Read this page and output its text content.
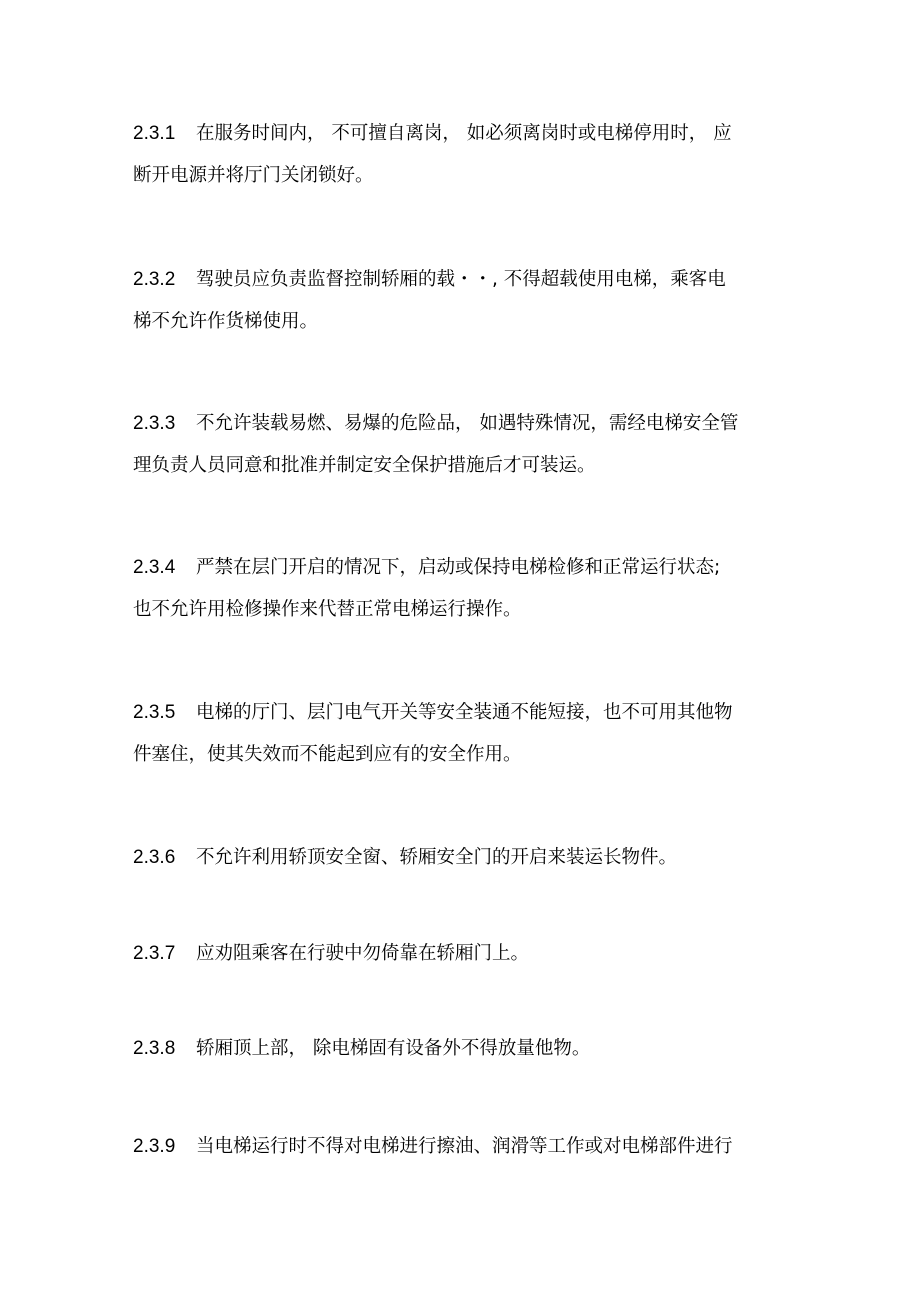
2.3.1 在服务时间内， 不可擅自离岗， 如必须离岗时或电梯停用时， 应
断开电源并将厅门关闭锁好。
2.3.2 驾驶员应负责监督控制轿厢的载・・, 不得超载使用电梯，乘客电
梯不允许作货梯使用。
2.3.3 不允许装载易燃、易爆的危险品， 如遇特殊情况，需经电梯安全管
理负责人员同意和批准并制定安全保护措施后才可装运。
2.3.4 严禁在层门开启的情况下，启动或保持电梯检修和正常运行状态;
也不允许用检修操作来代替正常电梯运行操作。
2.3.5 电梯的厅门、层门电气开关等安全装通不能短接，也不可用其他物
件塞住，使其失效而不能起到应有的安全作用。
2.3.6 不允许利用轿顶安全窗、轿厢安全门的开启来装运长物件。
2.3.7 应劝阻乘客在行驶中勿倚靠在轿厢门上。
2.3.8 轿厢顶上部， 除电梯固有设备外不得放量他物。
2.3.9 当电梯运行时不得对电梯进行擦油、润滑等工作或对电梯部件进行
